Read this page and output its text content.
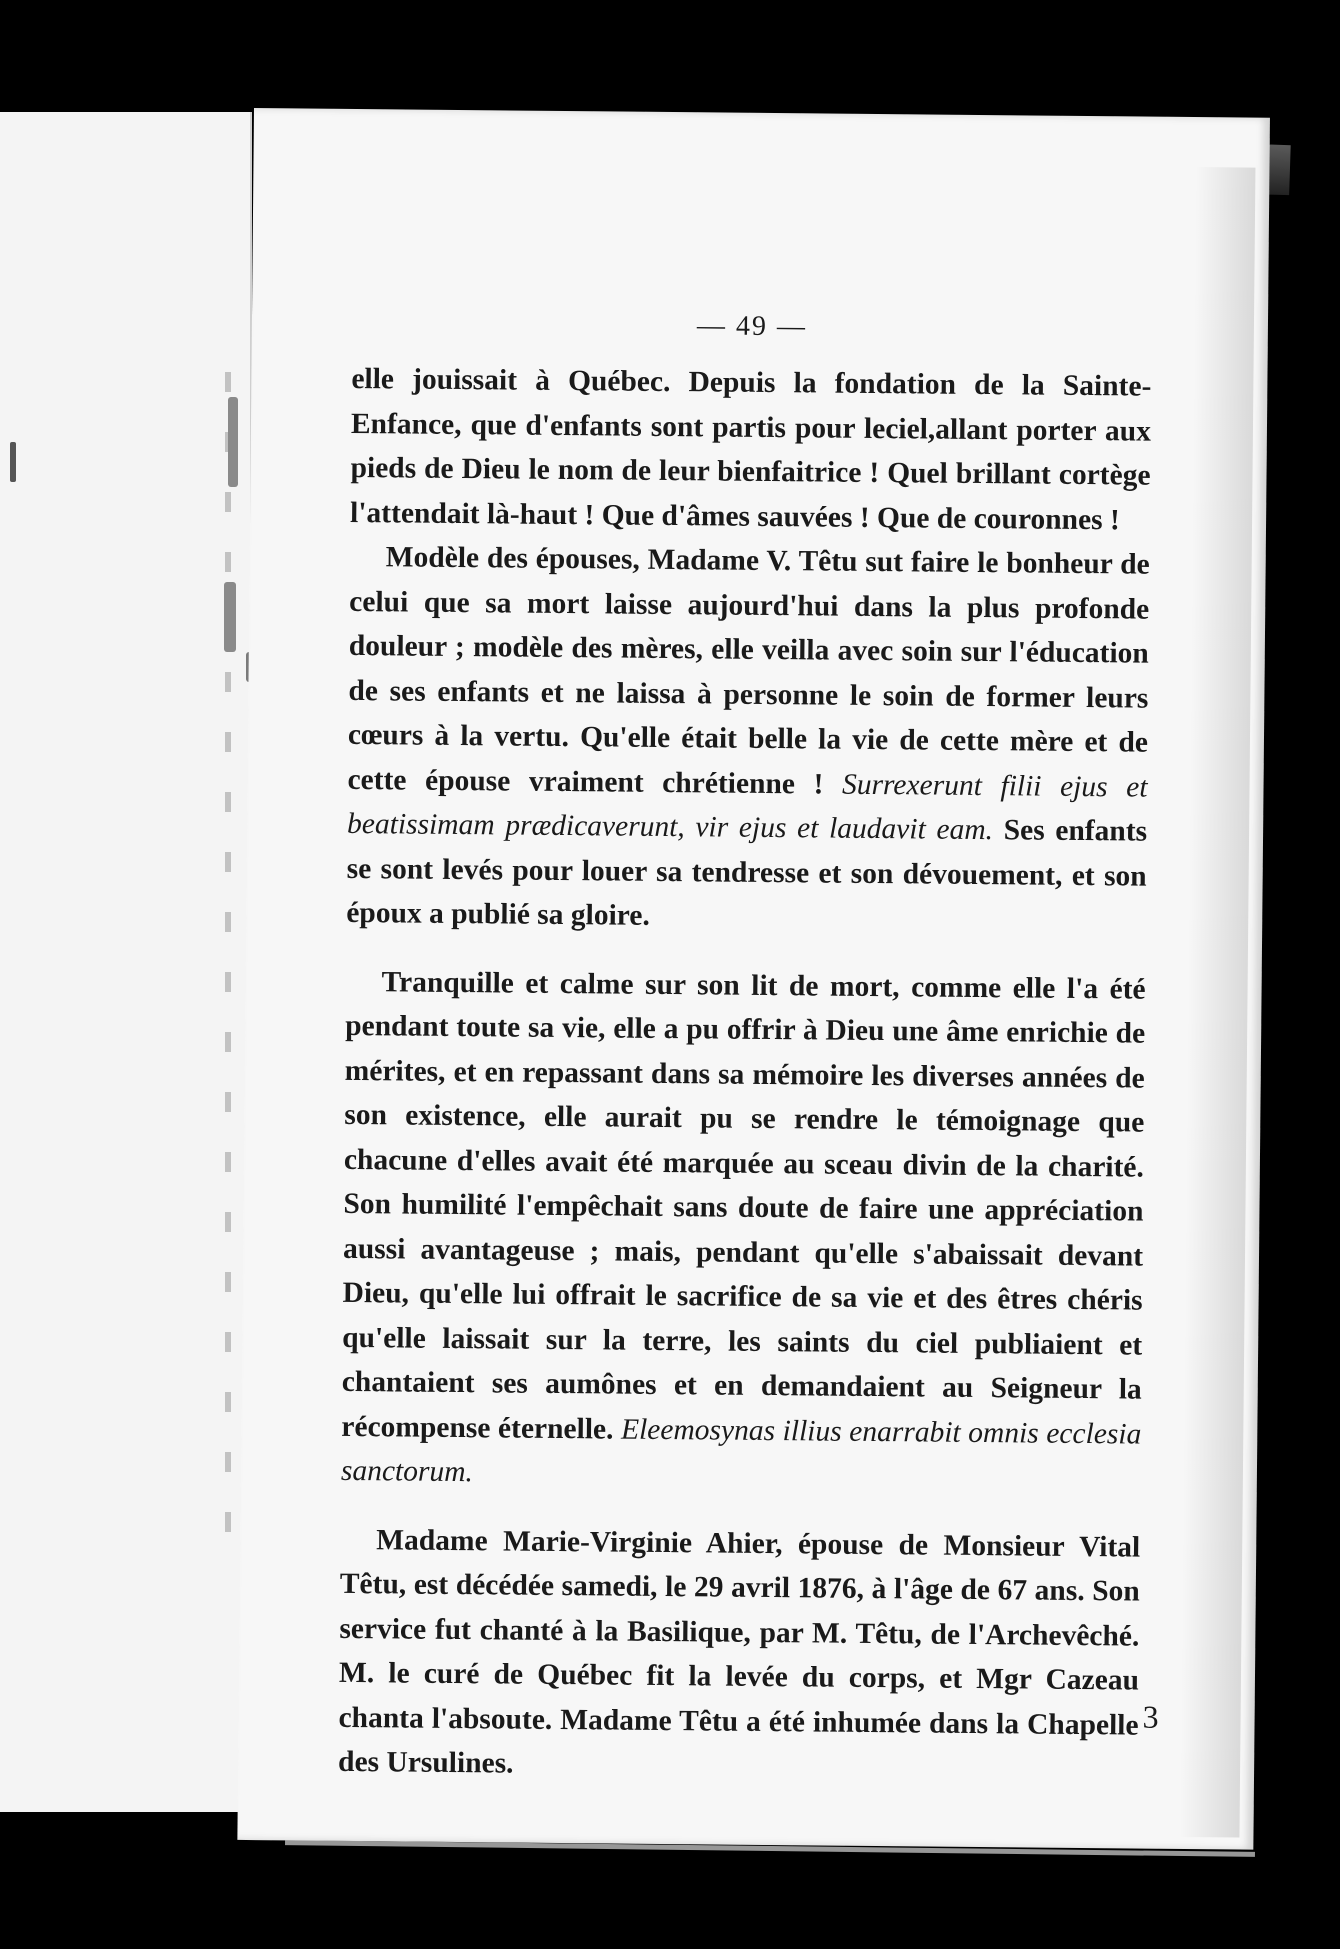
— 49 —

elle jouissait à Québec. Depuis la fondation de la Sainte-Enfance, que d'enfants sont partis pour leciel,allant porter aux pieds de Dieu le nom de leur bienfaitrice ! Quel brillant cortège l'attendait là-haut ! Que d'âmes sauvées ! Que de couronnes !

Modèle des épouses, Madame V. Têtu sut faire le bonheur de celui que sa mort laisse aujourd'hui dans la plus profonde douleur ; modèle des mères, elle veilla avec soin sur l'éducation de ses enfants et ne laissa à personne le soin de former leurs cœurs à la vertu. Qu'elle était belle la vie de cette mère et de cette épouse vraiment chrétienne ! Surrexerunt filii ejus et beatissimam prædicaverunt, vir ejus et laudavit eam. Ses enfants se sont levés pour louer sa tendresse et son dévouement, et son époux a publié sa gloire.

Tranquille et calme sur son lit de mort, comme elle l'a été pendant toute sa vie, elle a pu offrir à Dieu une âme enrichie de mérites, et en repassant dans sa mémoire les diverses années de son existence, elle aurait pu se rendre le témoignage que chacune d'elles avait été marquée au sceau divin de la charité. Son humilité l'empêchait sans doute de faire une appréciation aussi avantageuse ; mais, pendant qu'elle s'abaissait devant Dieu, qu'elle lui offrait le sacrifice de sa vie et des êtres chéris qu'elle laissait sur la terre, les saints du ciel publiaient et chantaient ses aumônes et en demandaient au Seigneur la récompense éternelle. Eleemosynas illius enarrabit omnis ecclesia sanctorum.

Madame Marie-Virginie Ahier, épouse de Monsieur Vital Têtu, est décédée samedi, le 29 avril 1876, à l'âge de 67 ans. Son service fut chanté à la Basilique, par M. Têtu, de l'Archevêché. M. le curé de Québec fit la levée du corps, et Mgr Cazeau chanta l'absoute. Madame Têtu a été inhumée dans la Chapelle des Ursulines.

3
